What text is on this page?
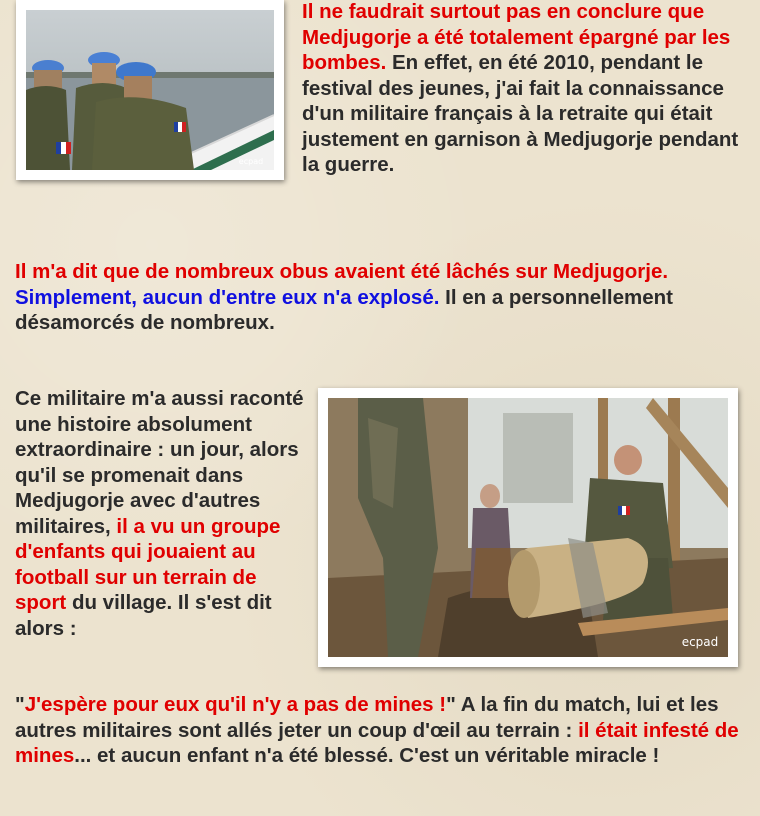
ecpad

Il ne faudrait surtout pas en conclure que Medjugorje a été totalement épargné par les bombes. En effet, en été 2010, pendant le festival des jeunes, j'ai fait la connaissance d'un militaire français à la retraite qui était justement en garnison à Medjugorje pendant la guerre.

Il m'a dit que de nombreux obus avaient été lâchés sur Medjugorje. Simplement, aucun d'entre eux n'a explosé. Il en a personnellement désamorcés de nombreux.

Ce militaire m'a aussi raconté une histoire absolument extraordinaire : un jour, alors qu'il se promenait dans Medjugorje avec d'autres militaires, il a vu un groupe d'enfants qui jouaient au football sur un terrain de sport du village. Il s'est dit alors :

ecpad

"J'espère pour eux qu'il n'y a pas de mines !" A la fin du match, lui et les autres militaires sont allés jeter un coup d'œil au terrain : il était infesté de mines... et aucun enfant n'a été blessé. C'est un véritable miracle !
